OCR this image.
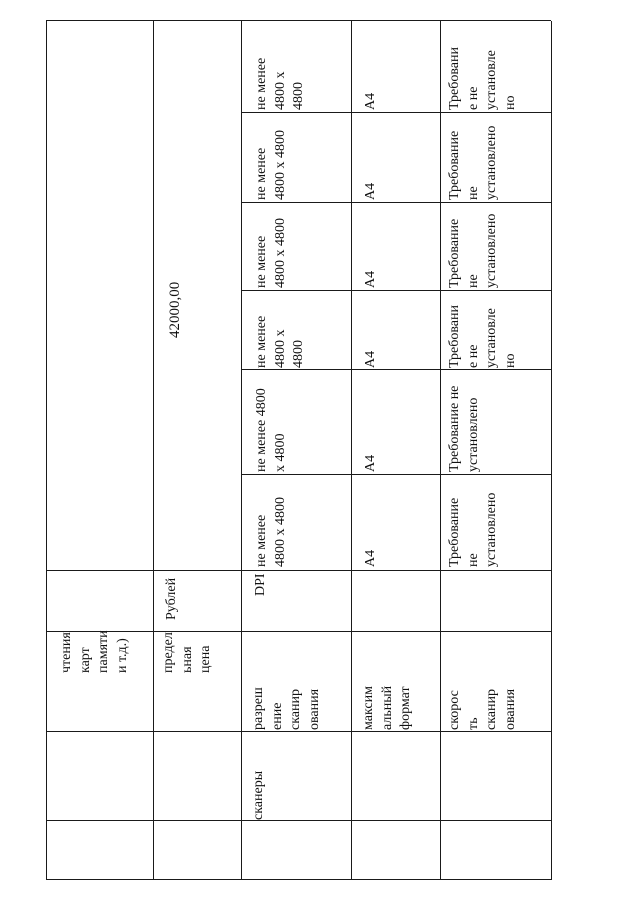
чтения
карт
памяти
и т.д.) предел
ьная
цена
Рублей
42000,00
сканеры
разреш
ение
сканир
ования
DPI
не менее
4800 x 4800
не менее 4800
x 4800
не менее
4800 x
4800
не менее
4800 x 4800
не менее
4800 x 4800
не менее
4800 x
4800
максим
альный
формат
А4
А4
А4
А4
А4
А4
скорос
ть
сканир
ования
Требование
не
установлено
Требование не
установлено
Требовани
е не
установле
но
Требование
не
установлено
Требование
не
установлено
Требовани
е не
установле
но
